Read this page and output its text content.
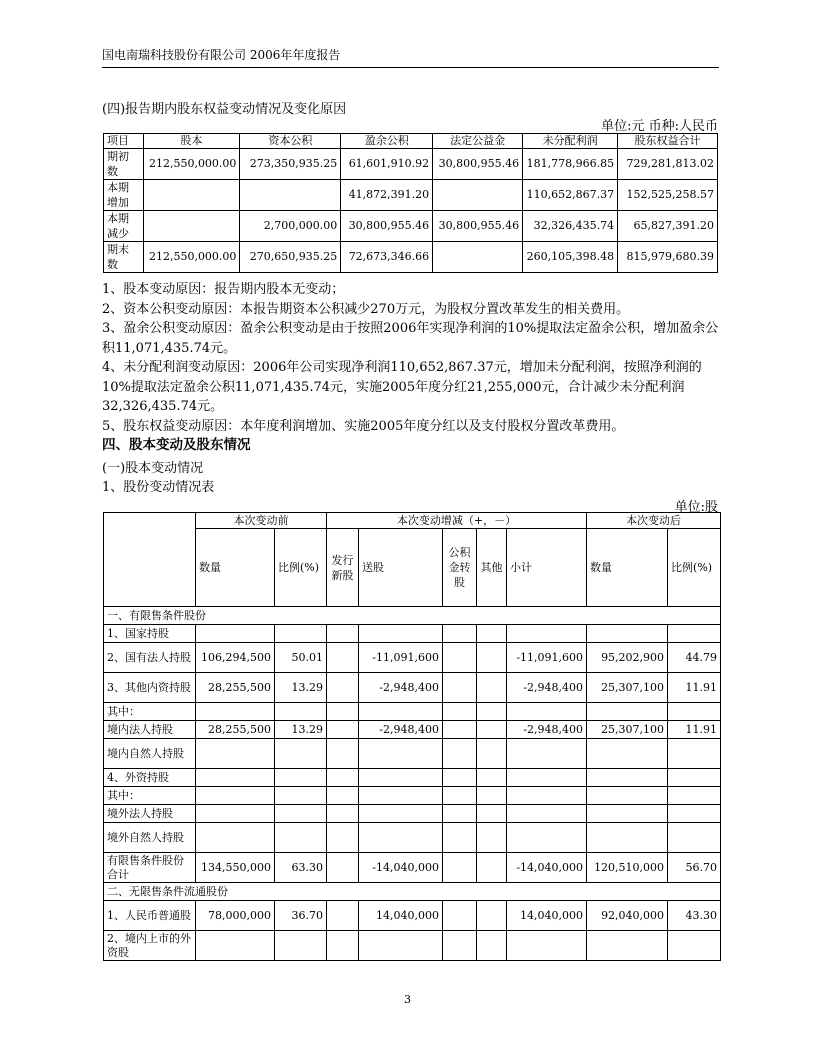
国电南瑞科技股份有限公司 2006年年度报告
(四)报告期内股东权益变动情况及变化原因
单位:元 币种:人民币
项目	股本	资本公积	盈余公积	法定公益金	未分配利润	股东权益合计
期初数	212,550,000.00	273,350,935.25	61,601,910.92	30,800,955.46	181,778,966.85	729,281,813.02
本期增加			41,872,391.20		110,652,867.37	152,525,258.57
本期减少		2,700,000.00	30,800,955.46	30,800,955.46	32,326,435.74	65,827,391.20
期末数	212,550,000.00	270,650,935.25	72,673,346.66		260,105,398.48	815,979,680.39

1、股本变动原因：报告期内股本无变动；

2、资本公积变动原因：本报告期资本公积减少270万元，为股权分置改革发生的相关费用。

3、盈余公积变动原因：盈余公积变动是由于按照2006年实现净利润的10%提取法定盈余公积，增加盈余公积11,071,435.74元。

4、未分配利润变动原因：2006年公司实现净利润110,652,867.37元，增加未分配利润，按照净利润的10%提取法定盈余公积11,071,435.74元，实施2005年度分红21,255,000元，合计减少未分配利润32,326,435.74元。

5、股东权益变动原因：本年度利润增加、实施2005年度分红以及支付股权分置改革费用。

四、股本变动及股东情况
(一)股本变动情况
1、股份变动情况表
单位:股
	本次变动前		本次变动增减（+，－）					本次变动后	
	数量	比例(%)	发行新股	送股	公积金转股	其他	小计	数量	比例(%)
一、有限售条件股份									
1、国家持股									
2、国有法人持股	106,294,500	50.01		-11,091,600			-11,091,600	95,202,900	44.79
3、其他内资持股	28,255,500	13.29		-2,948,400			-2,948,400	25,307,100	11.91
其中：									
境内法人持股	28,255,500	13.29		-2,948,400			-2,948,400	25,307,100	11.91
境内自然人持股									
4、外资持股									
其中：									
境外法人持股									
境外自然人持股									
有限售条件股份合计	134,550,000	63.30		-14,040,000			-14,040,000	120,510,000	56.70
二、无限售条件流通股份									
1、人民币普通股	78,000,000	36.70		14,040,000			14,040,000	92,040,000	43.30
2、境内上市的外资股									
3
